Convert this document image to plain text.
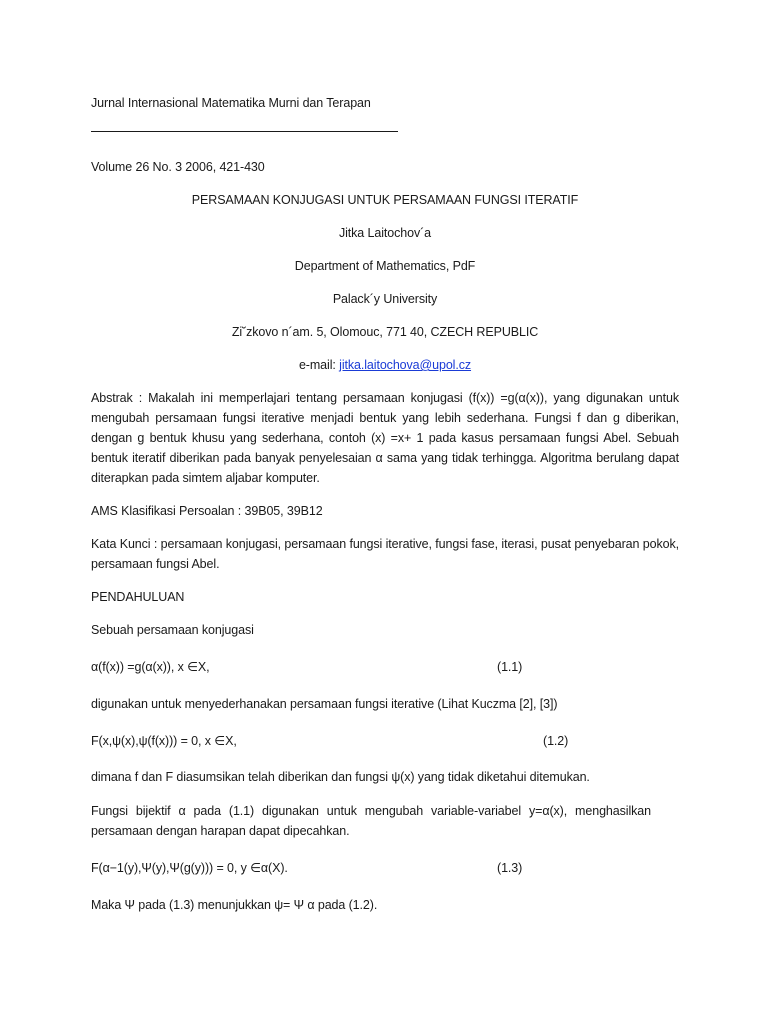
Jurnal Internasional Matematika Murni dan Terapan
Volume 26 No. 3 2006, 421-430
PERSAMAAN KONJUGASI UNTUK PERSAMAAN FUNGSI ITERATIF
Jitka Laitochov´a
Department of Mathematics, PdF
Palack´y University
Zi˘zkovo n´am. 5, Olomouc, 771 40, CZECH REPUBLIC
e-mail: jitka.laitochova@upol.cz
Abstrak : Makalah ini memperlajari tentang persamaan konjugasi (f(x)) =g(α(x)), yang digunakan untuk mengubah persamaan fungsi iterative menjadi bentuk yang lebih sederhana. Fungsi f dan g diberikan, dengan g bentuk khusu yang sederhana, contoh (x) =x+ 1 pada kasus persamaan fungsi Abel. Sebuah bentuk iteratif diberikan pada banyak penyelesaian α sama yang tidak terhingga. Algoritma berulang dapat diterapkan pada simtem aljabar komputer.
AMS Klasifikasi Persoalan : 39B05, 39B12
Kata Kunci : persamaan konjugasi, persamaan fungsi iterative, fungsi fase, iterasi, pusat penyebaran pokok, persamaan fungsi Abel.
PENDAHULUAN
Sebuah persamaan konjugasi
α(f(x)) =g(α(x)), x ∈X,	(1.1)
digunakan untuk menyederhanakan persamaan fungsi iterative (Lihat Kuczma [2], [3])
F(x,ψ(x),ψ(f(x))) = 0, x ∈X,	(1.2)
dimana f dan F diasumsikan telah diberikan dan fungsi ψ(x) yang tidak diketahui ditemukan.
Fungsi bijektif α pada (1.1) digunakan untuk mengubah variable-variabel y=α(x), menghasilkan persamaan dengan harapan dapat dipecahkan.
F(α−1(y),Ψ(y),Ψ(g(y))) = 0, y ∈α(X).	(1.3)
Maka Ψ pada (1.3) menunjukkan ψ= Ψ α pada (1.2).
